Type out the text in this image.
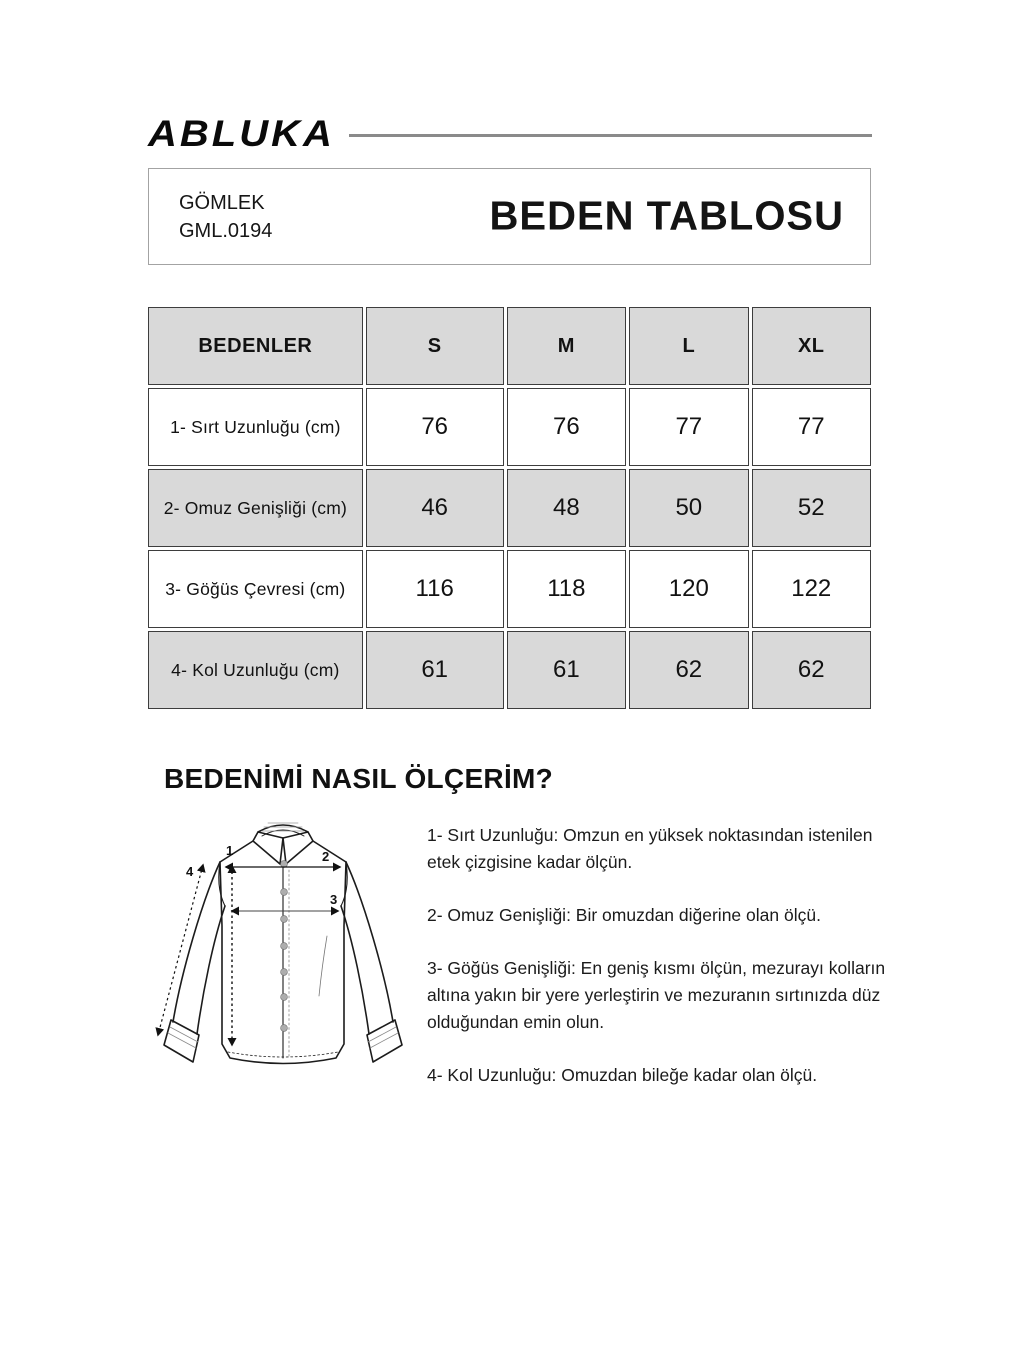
ABLUKA
GÖMLEK
GML.0194	BEDEN TABLOSU
BEDENLER	S	M	L	XL
1- Sırt Uzunluğu (cm)	76	76	77	77
2- Omuz Genişliği (cm)	46	48	50	52
3- Göğüs Çevresi (cm)	116	118	120	122
4- Kol Uzunluğu (cm)	61	61	62	62
BEDENİMİ NASIL ÖLÇERİM?
1	2
3
4

1- Sırt Uzunluğu: Omzun en yüksek noktasından istenilen etek çizgisine kadar ölçün.

2- Omuz Genişliği: Bir omuzdan diğerine olan ölçü.

3- Göğüs Genişliği: En geniş kısmı ölçün, mezurayı kolların altına yakın bir yere yerleştirin ve mezuranın sırtınızda düz olduğundan emin olun.

4- Kol Uzunluğu: Omuzdan bileğe kadar olan ölçü.
